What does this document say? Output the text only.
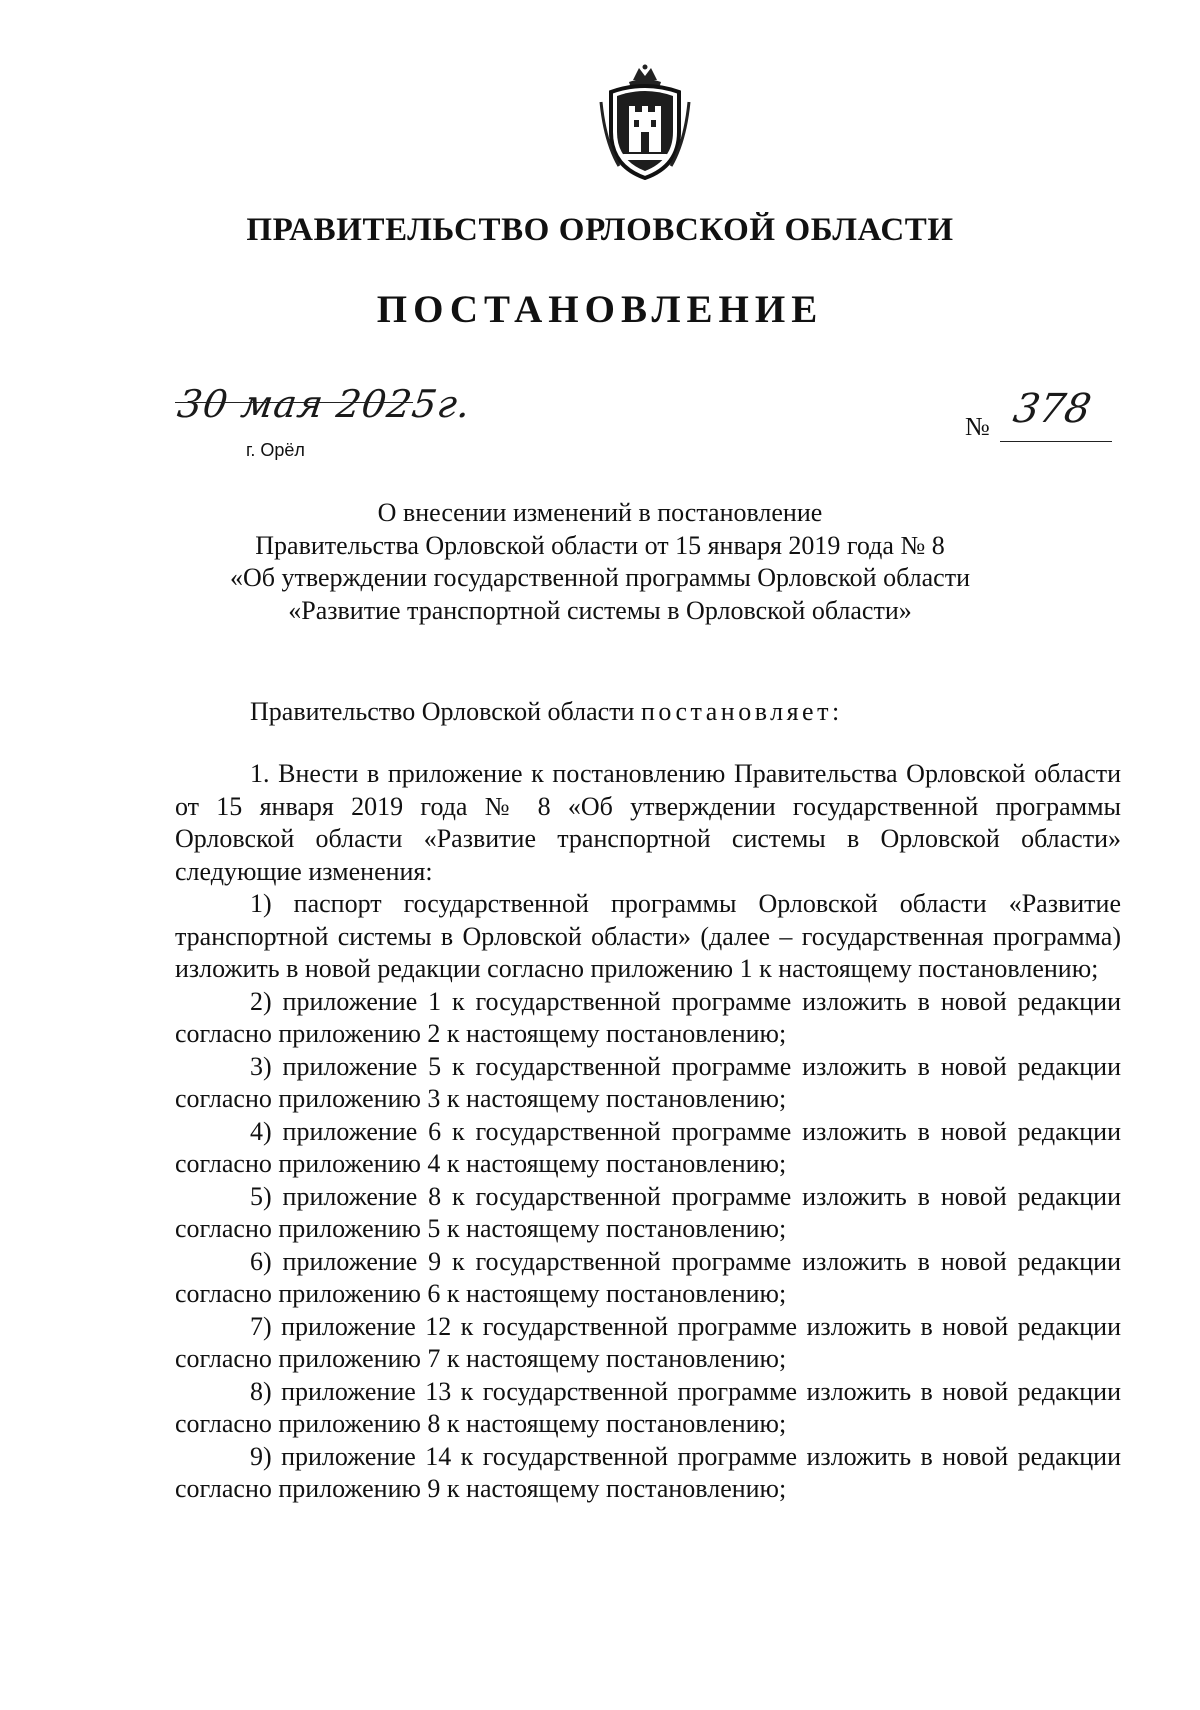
ПРАВИТЕЛЬСТВО ОРЛОВСКОЙ ОБЛАСТИ
ПОСТАНОВЛЕНИЕ
30 мая 2025г.
г. Орёл
№ 378
О внесении изменений в постановление
Правительства Орловской области от 15 января 2019 года № 8
«Об утверждении государственной программы Орловской области
«Развитие транспортной системы в Орловской области»
Правительство Орловской области постановляет:

1. Внести в приложение к постановлению Правительства Орловской области от 15 января 2019 года № 8 «Об утверждении государственной программы Орловской области «Развитие транспортной системы в Орловской области» следующие изменения:

1) паспорт государственной программы Орловской области «Развитие транспортной системы в Орловской области» (далее – государственная программа) изложить в новой редакции согласно приложению 1 к настоящему постановлению;

2) приложение 1 к государственной программе изложить в новой редакции согласно приложению 2 к настоящему постановлению;

3) приложение 5 к государственной программе изложить в новой редакции согласно приложению 3 к настоящему постановлению;

4) приложение 6 к государственной программе изложить в новой редакции согласно приложению 4 к настоящему постановлению;

5) приложение 8 к государственной программе изложить в новой редакции согласно приложению 5 к настоящему постановлению;

6) приложение 9 к государственной программе изложить в новой редакции согласно приложению 6 к настоящему постановлению;

7) приложение 12 к государственной программе изложить в новой редакции согласно приложению 7 к настоящему постановлению;

8) приложение 13 к государственной программе изложить в новой редакции согласно приложению 8 к настоящему постановлению;

9) приложение 14 к государственной программе изложить в новой редакции согласно приложению 9 к настоящему постановлению;
